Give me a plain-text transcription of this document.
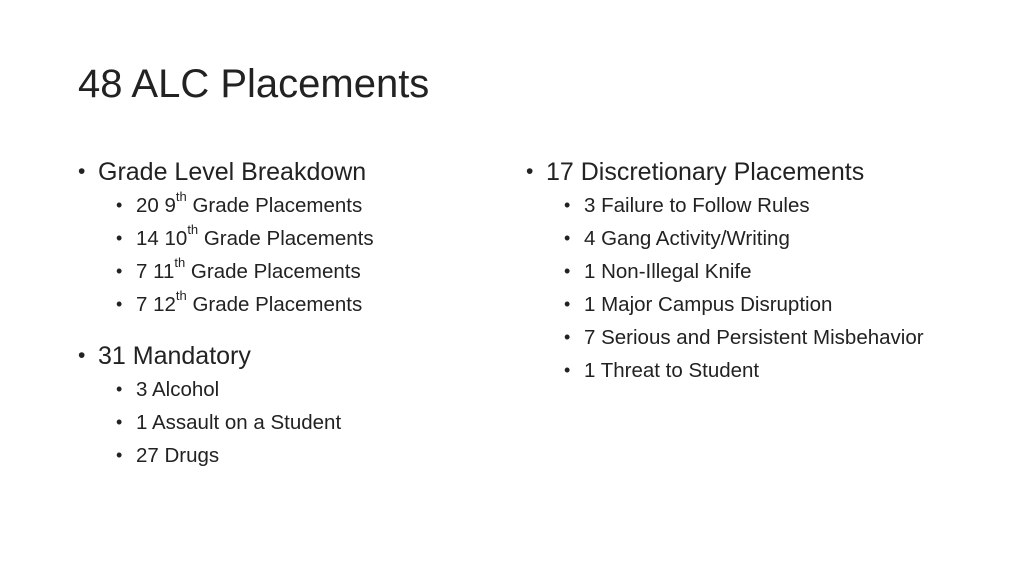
48 ALC Placements
• Grade Level Breakdown
• 20 9th Grade Placements
• 14 10th Grade Placements
• 7 11th Grade Placements
• 7 12th Grade Placements
• 31 Mandatory
• 3 Alcohol
• 1 Assault on a Student
• 27 Drugs
• 17 Discretionary Placements
• 3 Failure to Follow Rules
• 4 Gang Activity/Writing
• 1 Non-Illegal Knife
• 1 Major Campus Disruption
• 7 Serious and Persistent Misbehavior
• 1 Threat to Student
